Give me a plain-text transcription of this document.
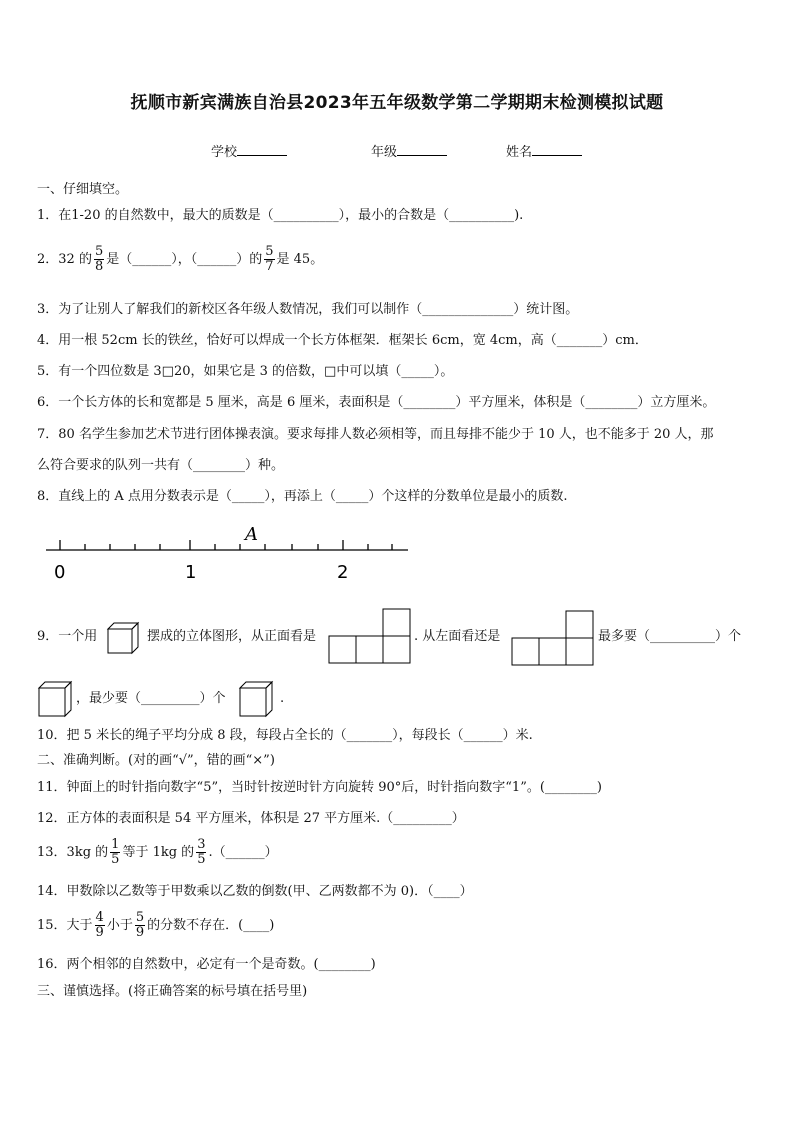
抚顺市新宾满族自治县2023年五年级数学第二学期期末检测模拟试题
学校	年级	姓名
一、仔细填空。
1．在1-20 的自然数中，最大的质数是（__________），最小的合数是（__________).
2．32 的 $\frac{5}{8}$ 是（______），（______）的 $\frac{5}{7}$ 是 45。
3．为了让别人了解我们的新校区各年级人数情况，我们可以制作（______________）统计图。
4．用一根 52cm 长的铁丝，恰好可以焊成一个长方体框架．框架长 6cm，宽 4cm，高（_______）cm．
5．有一个四位数是 3□20，如果它是 3 的倍数，□中可以填（_____）。
6．一个长方体的长和宽都是 5 厘米，高是 6 厘米，表面积是（________）平方厘米，体积是（________）立方厘米。
7．80 名学生参加艺术节进行团体操表演。要求每排人数必须相等，而且每排不能少于 10 人，也不能多于 20 人，那
么符合要求的队列一共有（________）种。
8．直线上的 A 点用分数表示是（_____），再添上（_____）个这样的分数单位是最小的质数.
0	1	2
A
9．一个用	摆成的立体图形，从正面看是	. 从左面看还是	最多要（__________）个
，最少要（_________）个	.
10．把 5 米长的绳子平均分成 8 段，每段占全长的（_______），每段长（______）米.
二、准确判断。(对的画“√”，错的画“×”)
11．钟面上的时针指向数字“5”，当时针按逆时针方向旋转 90°后，时针指向数字“1”。(________)
12．正方体的表面积是 54 平方厘米，体积是 27 平方厘米.（_________）
13．3kg 的 $\frac{1}{5}$ 等于 1kg 的 $\frac{3}{5}$ .（______）
14．甲数除以乙数等于甲数乘以乙数的倒数(甲、乙两数都不为 0)．（____）
15．大于 $\frac{4}{9}$ 小于 $\frac{5}{9}$ 的分数不存在．(____)
16．两个相邻的自然数中，必定有一个是奇数。(________)
三、谨慎选择。(将正确答案的标号填在括号里)
